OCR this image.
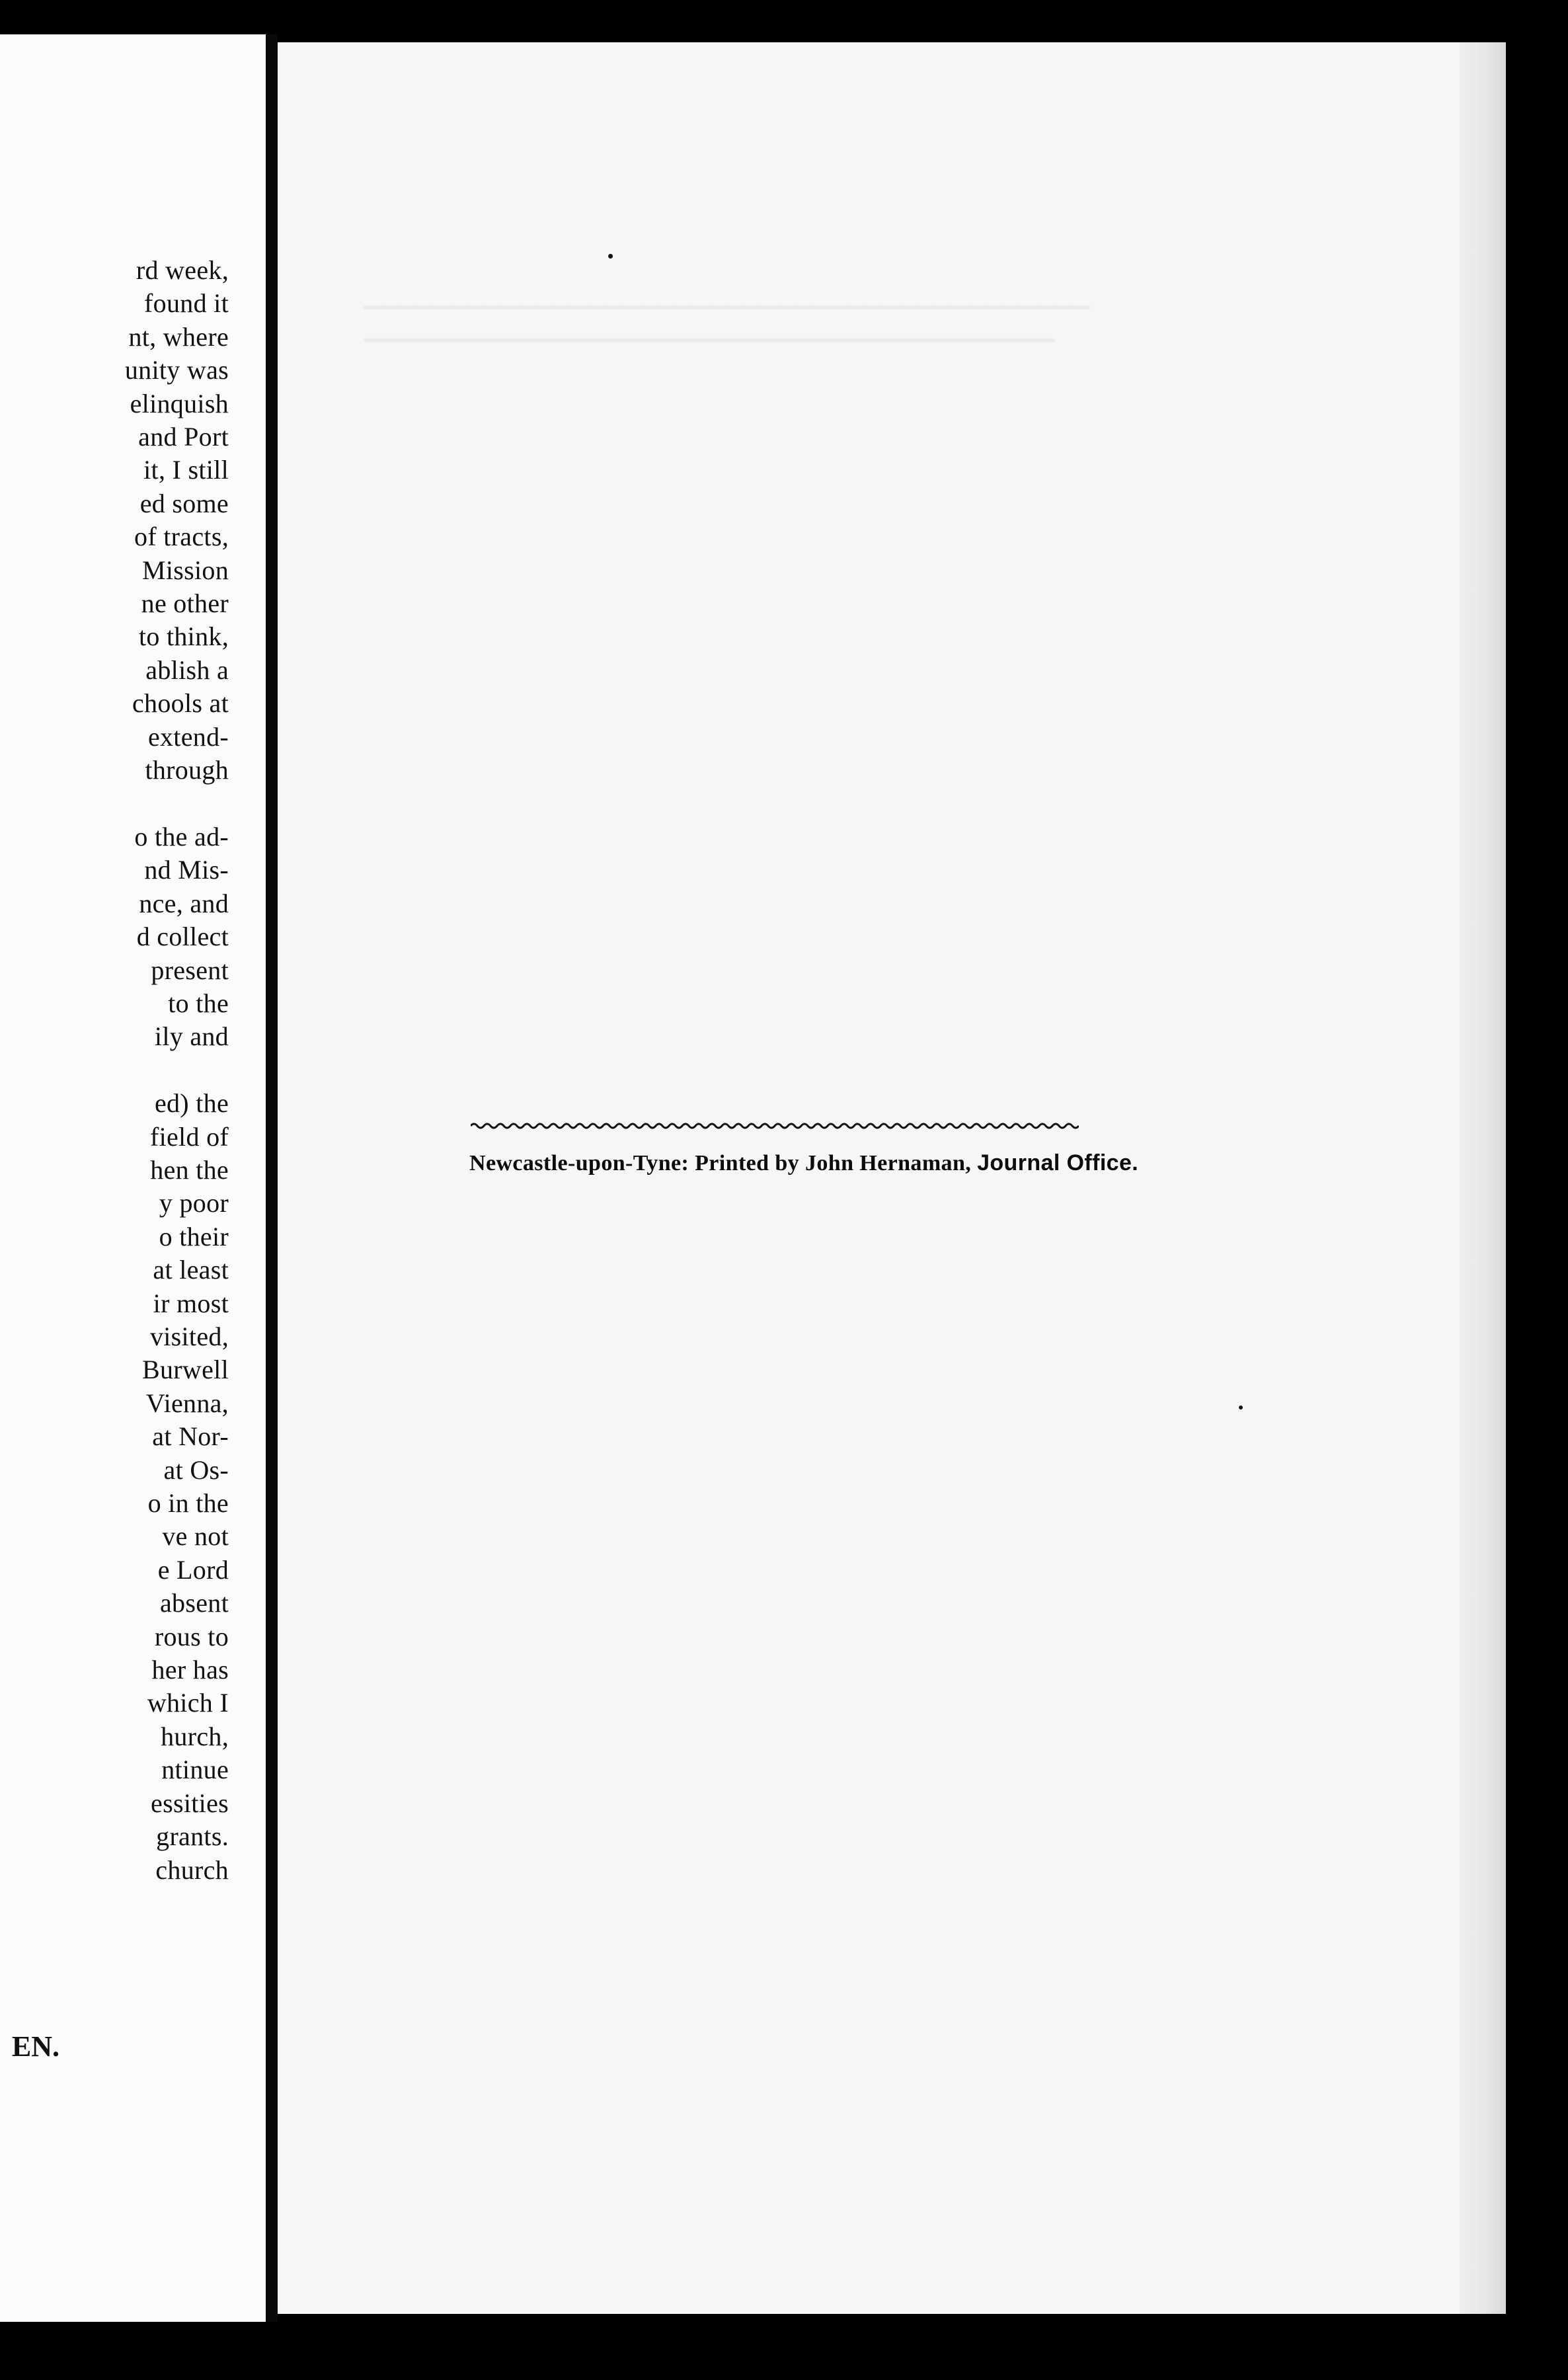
rd week,
found it
nt, where
unity was
elinquish
and Port
it, I still
ed some
of tracts,
Mission
ne other
to think,
ablish a
chools at
extend-
through

o the ad-
nd Mis-
nce, and
d collect
present
to the
ily and

ed) the
field of
hen the
y poor
o their
at least
ir most
visited,
Burwell
Vienna,
at Nor-
at Os-
o in the
ve not
e Lord
absent
rous to
her has
which I
hurch,
ntinue
essities
grants.
church
EN.
Newcastle-upon-Tyne: Printed by John Hernaman, Journal Office.
